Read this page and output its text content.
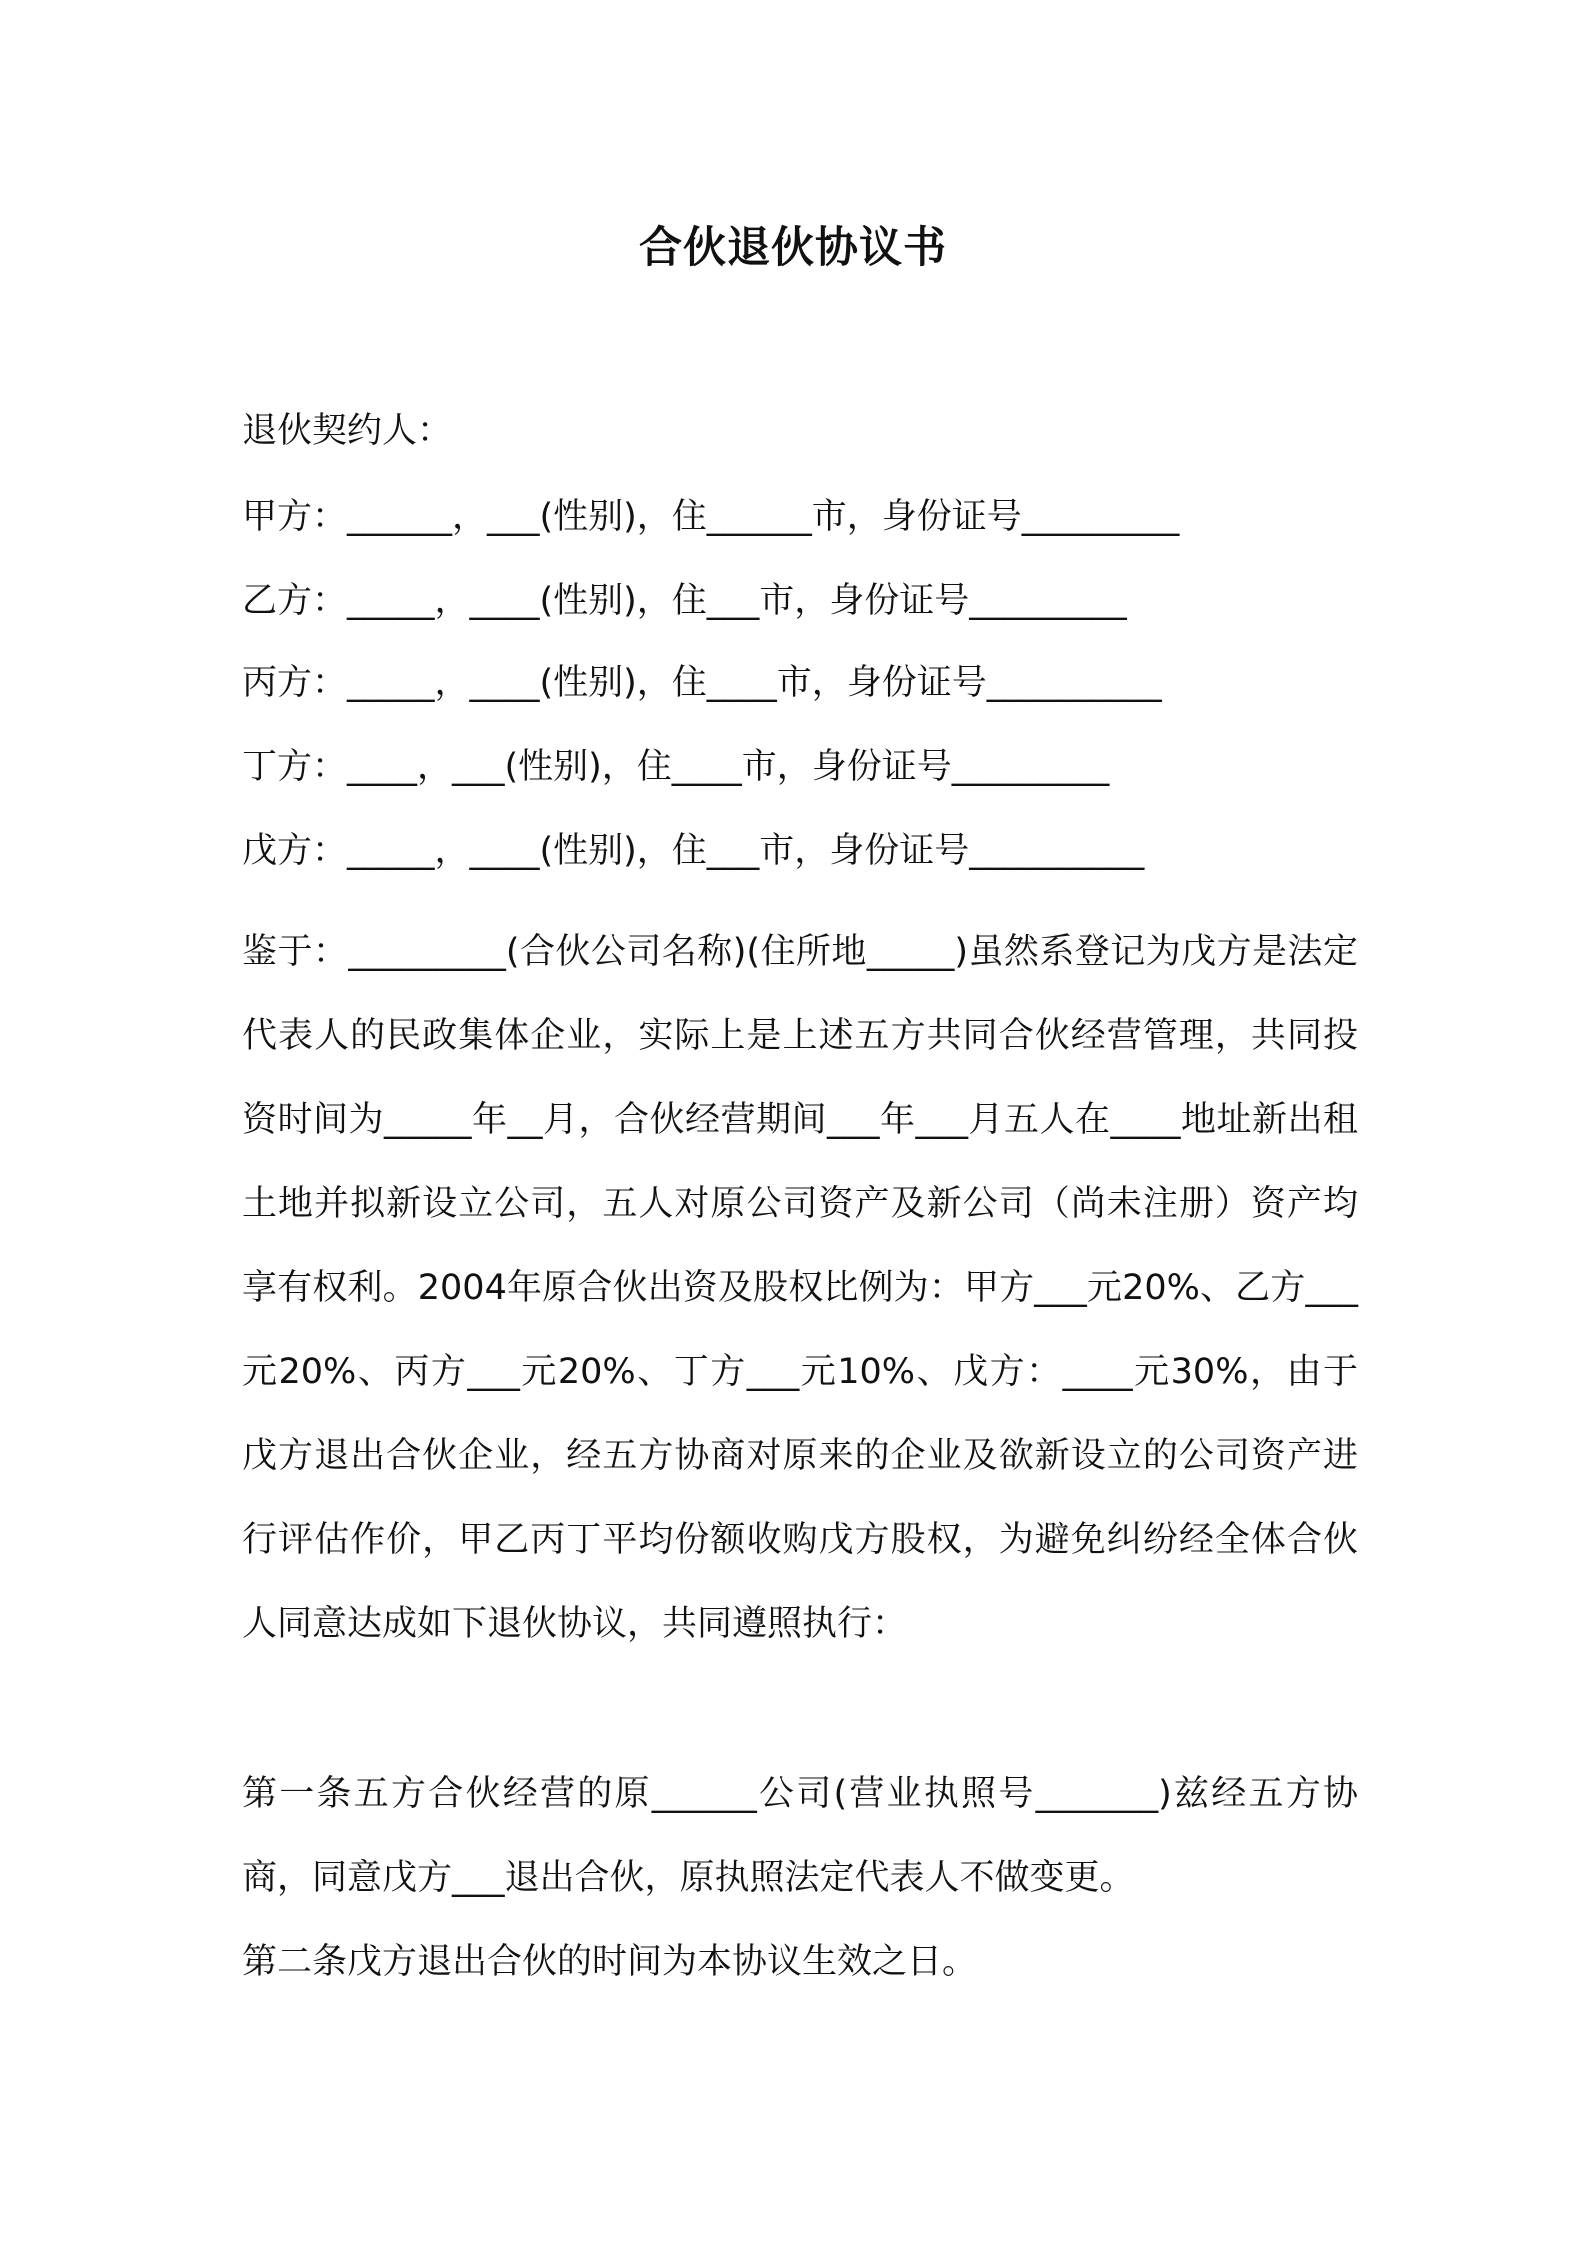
合伙退伙协议书

退伙契约人：

甲方：______，___(性别)，住______市，身份证号_________

乙方：_____，____(性别)，住___市，身份证号_________

丙方：_____，____(性别)，住____市，身份证号__________

丁方：____，___(性别)，住____市，身份证号_________

戊方：_____，____(性别)，住___市，身份证号__________

鉴于：_________(合伙公司名称)(住所地_____)虽然系登记为戊方是法定代表人的民政集体企业，实际上是上述五方共同合伙经营管理，共同投资时间为_____年__月，合伙经营期间___年___月五人在____地址新出租土地并拟新设立公司，五人对原公司资产及新公司（尚未注册）资产均享有权利。2004年原合伙出资及股权比例为：甲方___元20%、乙方___元20%、丙方___元20%、丁方___元10%、戊方：____元30%，由于戊方退出合伙企业，经五方协商对原来的企业及欲新设立的公司资产进行评估作价，甲乙丙丁平均份额收购戊方股权，为避免纠纷经全体合伙人同意达成如下退伙协议，共同遵照执行：

第一条五方合伙经营的原______公司(营业执照号_______)兹经五方协商，同意戊方___退出合伙，原执照法定代表人不做变更。

第二条戊方退出合伙的时间为本协议生效之日。
